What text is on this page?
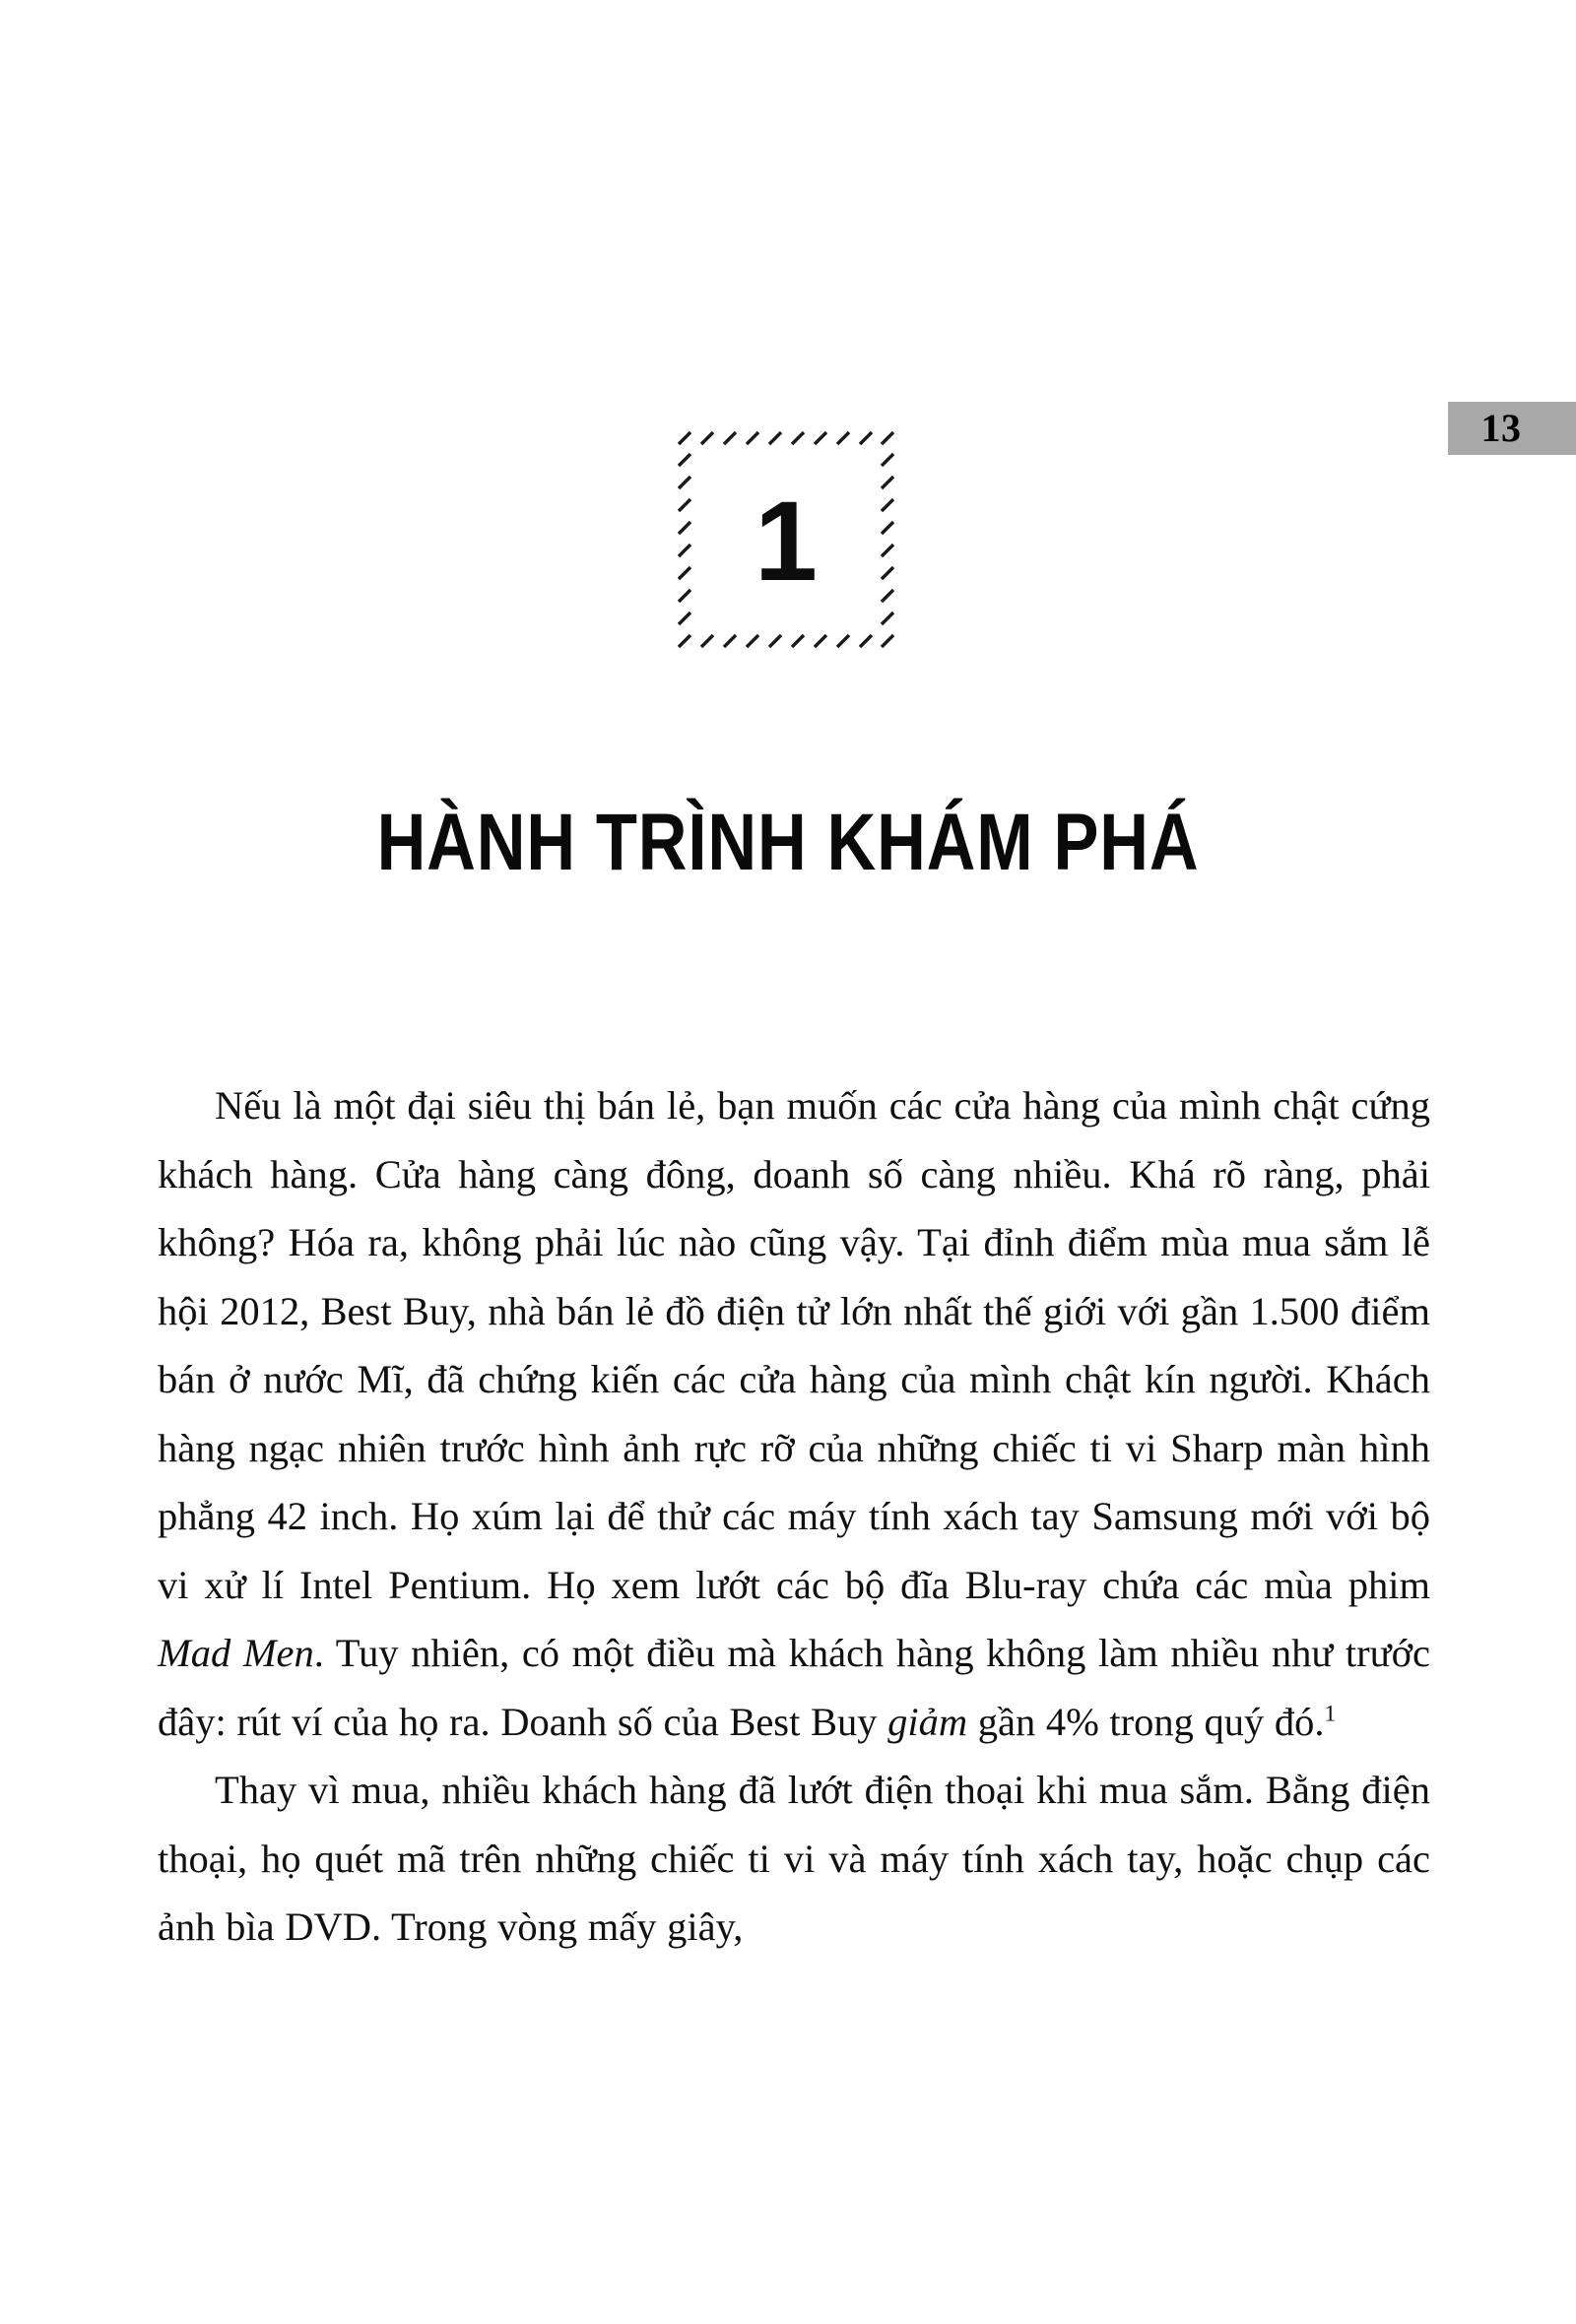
13
1
HÀNH TRÌNH KHÁM PHÁ

Nếu là một đại siêu thị bán lẻ, bạn muốn các cửa hàng của mình chật cứng khách hàng. Cửa hàng càng đông, doanh số càng nhiều. Khá rõ ràng, phải không? Hóa ra, không phải lúc nào cũng vậy. Tại đỉnh điểm mùa mua sắm lễ hội 2012, Best Buy, nhà bán lẻ đồ điện tử lớn nhất thế giới với gần 1.500 điểm bán ở nước Mĩ, đã chứng kiến các cửa hàng của mình chật kín người. Khách hàng ngạc nhiên trước hình ảnh rực rỡ của những chiếc ti vi Sharp màn hình phẳng 42 inch. Họ xúm lại để thử các máy tính xách tay Samsung mới với bộ vi xử lí Intel Pentium. Họ xem lướt các bộ đĩa Blu-ray chứa các mùa phim Mad Men. Tuy nhiên, có một điều mà khách hàng không làm nhiều như trước đây: rút ví của họ ra. Doanh số của Best Buy giảm gần 4% trong quý đó.$^1$

Thay vì mua, nhiều khách hàng đã lướt điện thoại khi mua sắm. Bằng điện thoại, họ quét mã trên những chiếc ti vi và máy tính xách tay, hoặc chụp các ảnh bìa DVD. Trong vòng mấy giây,
